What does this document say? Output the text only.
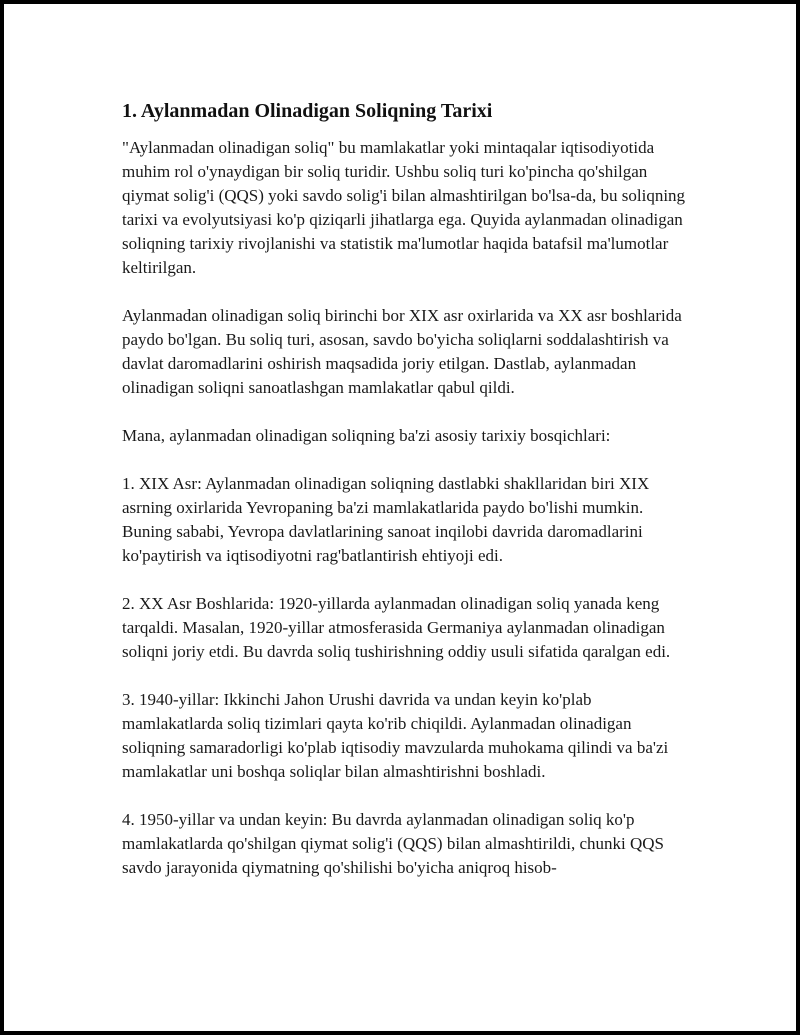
1. Aylanmadan Olinadigan Soliqning Tarixi

"Aylanmadan olinadigan soliq" bu mamlakatlar yoki mintaqalar iqtisodiyotida muhim rol o'ynaydigan bir soliq turidir. Ushbu soliq turi ko'pincha qo'shilgan qiymat solig'i (QQS) yoki savdo solig'i bilan almashtirilgan bo'lsa-da, bu soliqning tarixi va evolyutsiyasi ko'p qiziqarli jihatlarga ega. Quyida aylanmadan olinadigan soliqning tarixiy rivojlanishi va statistik ma'lumotlar haqida batafsil ma'lumotlar keltirilgan.

Aylanmadan olinadigan soliq birinchi bor XIX asr oxirlarida va XX asr boshlarida paydo bo'lgan. Bu soliq turi, asosan, savdo bo'yicha soliqlarni soddalashtirish va davlat daromadlarini oshirish maqsadida joriy etilgan. Dastlab, aylanmadan olinadigan soliqni sanoatlashgan mamlakatlar qabul qildi.

Mana, aylanmadan olinadigan soliqning ba'zi asosiy tarixiy bosqichlari:

1. XIX Asr: Aylanmadan olinadigan soliqning dastlabki shakllaridan biri XIX asrning oxirlarida Yevropaning ba'zi mamlakatlarida paydo bo'lishi mumkin. Buning sababi, Yevropa davlatlarining sanoat inqilobi davrida daromadlarini ko'paytirish va iqtisodiyotni rag'batlantirish ehtiyoji edi.

2. XX Asr Boshlarida: 1920-yillarda aylanmadan olinadigan soliq yanada keng tarqaldi. Masalan, 1920-yillar atmosferasida Germaniya aylanmadan olinadigan soliqni joriy etdi. Bu davrda soliq tushirishning oddiy usuli sifatida qaralgan edi.

3. 1940-yillar: Ikkinchi Jahon Urushi davrida va undan keyin ko'plab mamlakatlarda soliq tizimlari qayta ko'rib chiqildi. Aylanmadan olinadigan soliqning samaradorligi ko'plab iqtisodiy mavzularda muhokama qilindi va ba'zi mamlakatlar uni boshqa soliqlar bilan almashtirishni boshladi.

4. 1950-yillar va undan keyin: Bu davrda aylanmadan olinadigan soliq ko'p mamlakatlarda qo'shilgan qiymat solig'i (QQS) bilan almashtirildi, chunki QQS savdo jarayonida qiymatning qo'shilishi bo'yicha aniqroq hisob-
